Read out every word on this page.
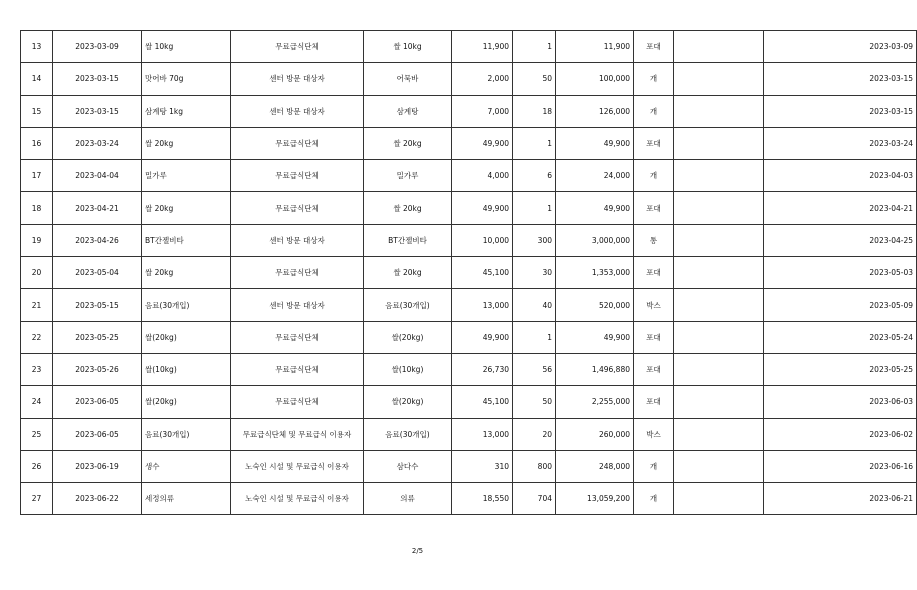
13	2023-03-09	쌀 10kg	무료급식단체	쌀 10kg	11,900	1	11,900	포대		2023-03-09
14	2023-03-15	맛어바 70g	센터 방문 대상자	어묵바	2,000	50	100,000	개		2023-03-15
15	2023-03-15	삼계탕 1kg	센터 방문 대상자	삼계탕	7,000	18	126,000	개		2023-03-15
16	2023-03-24	쌀 20kg	무료급식단체	쌀 20kg	49,900	1	49,900	포대		2023-03-24
17	2023-04-04	밀가루	무료급식단체	밀가루	4,000	6	24,000	개		2023-04-03
18	2023-04-21	쌀 20kg	무료급식단체	쌀 20kg	49,900	1	49,900	포대		2023-04-21
19	2023-04-26	BT간젤비타	센터 방문 대상자	BT간젤비타	10,000	300	3,000,000	통		2023-04-25
20	2023-05-04	쌀 20kg	무료급식단체	쌀 20kg	45,100	30	1,353,000	포대		2023-05-03
21	2023-05-15	음료(30개입)	센터 방문 대상자	음료(30개입)	13,000	40	520,000	박스		2023-05-09
22	2023-05-25	쌀(20kg)	무료급식단체	쌀(20kg)	49,900	1	49,900	포대		2023-05-24
23	2023-05-26	쌀(10kg)	무료급식단체	쌀(10kg)	26,730	56	1,496,880	포대		2023-05-25
24	2023-06-05	쌀(20kg)	무료급식단체	쌀(20kg)	45,100	50	2,255,000	포대		2023-06-03
25	2023-06-05	음료(30개입)	무료급식단체 및 무료급식 이용자	음료(30개입)	13,000	20	260,000	박스		2023-06-02
26	2023-06-19	생수	노숙인 시설 및 무료급식 이용자	삼다수	310	800	248,000	개		2023-06-16
27	2023-06-22	세정의류	노숙인 시설 및 무료급식 이용자	의류	18,550	704	13,059,200	개		2023-06-21
2/5
